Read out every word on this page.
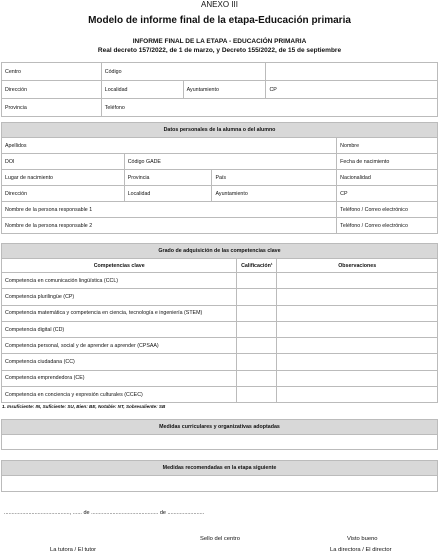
ANEXO III
Modelo de informe final de la etapa-Educación primaria
INFORME FINAL DE LA ETAPA - EDUCACIÓN PRIMARIA
Real decreto 157/2022, de 1 de marzo, y Decreto 155/2022, de 15 de septiembre
Centro	Código		
Dirección	Localidad	Ayuntamiento	CP
Provincia	Teléfono		
Datos personales de la alumna o del alumno			
Apellidos			Nombre
DOI	Código GADE		Fecha de nacimiento
Lugar de nacimiento	Provincia	País	Nacionalidad
Dirección	Localidad	Ayuntamiento	CP
Nombre de la persona responsable 1			Teléfono / Correo electrónico
Nombre de la persona responsable 2			Teléfono / Correo electrónico
Grado de adquisición de las competencias clave		
Competencias clave	Calificación¹	Observaciones
Competencia en comunicación lingüística (CCL)		
Competencia plurilingüe (CP)		
Competencia matemática y competencia en ciencia, tecnología e ingeniería (STEM)		
Competencia digital (CD)		
Competencia personal, social y de aprender a aprender (CPSAA)		
Competencia ciudadana (CC)		
Competencia emprendedora (CE)		
Competencia en conciencia y expresión culturales (CCEC)		
1. Insuficiente: IN, Suficiente: SU, Bien: BE, Notable: NT, Sobresaliente: SB
Medidas curriculares y organizativas adoptadas

Medidas recomendadas en la etapa siguiente

..........................................., ...... de ............................................ de ........................
Sello del centro	Visto bueno
La tutora / El tutor	La directora / El director
